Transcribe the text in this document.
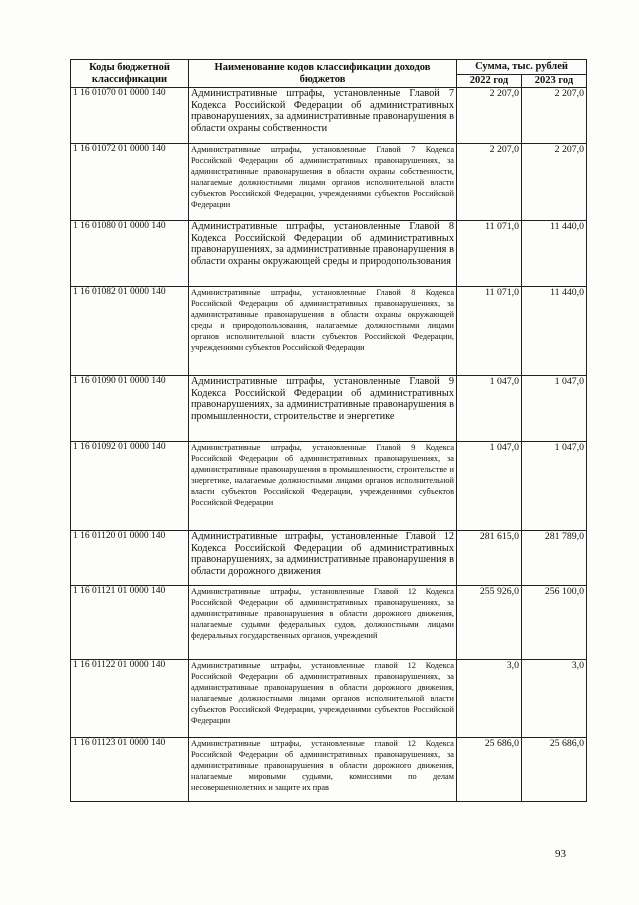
Коды бюджетной классификации	Наименование кодов классификации доходов бюджетов	Сумма, тыс. рублей	
		2022 год	2023 год
1 16 01070 01 0000 140	Административные штрафы, установленные Главой 7 Кодекса Российской Федерации об административных правонарушениях, за административные правонарушения в области охраны собственности	2 207,0	2 207,0
1 16 01072 01 0000 140	Административные штрафы, установленные Главой 7 Кодекса Российской Федерации об административных правонарушениях, за административные правонарушения в области охраны собственности, налагаемые должностными лицами органов исполнительной власти субъектов Российской Федерации, учреждениями субъектов Российской Федерации	2 207,0	2 207,0
1 16 01080 01 0000 140	Административные штрафы, установленные Главой 8 Кодекса Российской Федерации об административных правонарушениях, за административные правонарушения в области охраны окружающей среды и природопользования	11 071,0	11 440,0
1 16 01082 01 0000 140	Административные штрафы, установленные Главой 8 Кодекса Российской Федерации об административных правонарушениях, за административные правонарушения в области охраны окружающей среды и природопользования, налагаемые должностными лицами органов исполнительной власти субъектов Российской Федерации, учреждениями субъектов Российской Федерации	11 071,0	11 440,0
1 16 01090 01 0000 140	Административные штрафы, установленные Главой 9 Кодекса Российской Федерации об административных правонарушениях, за административные правонарушения в промышленности, строительстве и энергетике	1 047,0	1 047,0
1 16 01092 01 0000 140	Административные штрафы, установленные Главой 9 Кодекса Российской Федерации об административных правонарушениях, за административные правонарушения в промышленности, строительстве и энергетике, налагаемые должностными лицами органов исполнительной власти субъектов Российской Федерации, учреждениями субъектов Российской Федерации	1 047,0	1 047,0
1 16 01120 01 0000 140	Административные штрафы, установленные Главой 12 Кодекса Российской Федерации об административных правонарушениях, за административные правонарушения в области дорожного движения	281 615,0	281 789,0
1 16 01121 01 0000 140	Административные штрафы, установленные Главой 12 Кодекса Российской Федерации об административных правонарушениях, за административные правонарушения в области дорожного движения, налагаемые судьями федеральных судов, должностными лицами федеральных государственных органов, учреждений	255 926,0	256 100,0
1 16 01122 01 0000 140	Административные штрафы, установленные главой 12 Кодекса Российской Федерации об административных правонарушениях, за административные правонарушения в области дорожного движения, налагаемые должностными лицами органов исполнительной власти субъектов Российской Федерации, учреждениями субъектов Российской Федерации	3,0	3,0
1 16 01123 01 0000 140	Административные штрафы, установленные главой 12 Кодекса Российской Федерации об административных правонарушениях, за административные правонарушения в области дорожного движения, налагаемые мировыми судьями, комиссиями по делам несовершеннолетних и защите их прав	25 686,0	25 686,0
93
